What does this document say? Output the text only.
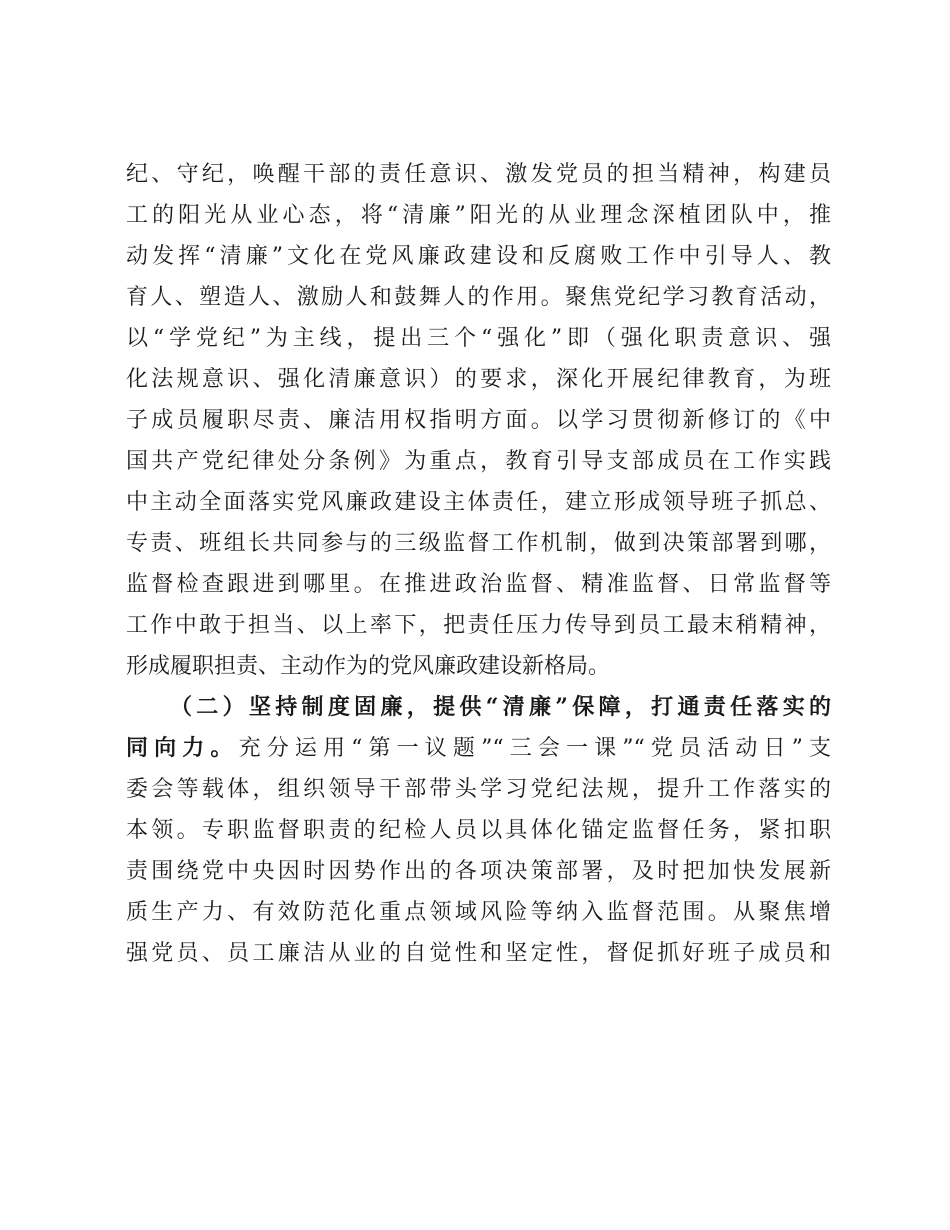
纪、守纪，唤醒干部的责任意识、激发党员的担当精神，构建员
工的阳光从业心态，将“清廉”阳光的从业理念深植团队中，推
动发挥“清廉”文化在党风廉政建设和反腐败工作中引导人、教
育人、塑造人、激励人和鼓舞人的作用。聚焦党纪学习教育活动，
以“学党纪”为主线，提出三个“强化”即（强化职责意识、强
化法规意识、强化清廉意识）的要求，深化开展纪律教育，为班
子成员履职尽责、廉洁用权指明方面。以学习贯彻新修订的《中
国共产党纪律处分条例》为重点，教育引导支部成员在工作实践
中主动全面落实党风廉政建设主体责任，建立形成领导班子抓总、
专责、班组长共同参与的三级监督工作机制，做到决策部署到哪，
监督检查跟进到哪里。在推进政治监督、精准监督、日常监督等
工作中敢于担当、以上率下，把责任压力传导到员工最末稍精神，
形成履职担责、主动作为的党风廉政建设新格局。
（二）坚持制度固廉，提供“清廉”保障，打通责任落实的
同向力。充分运用“第一议题”“三会一课”“党员活动日”支
委会等载体，组织领导干部带头学习党纪法规，提升工作落实的
本领。专职监督职责的纪检人员以具体化锚定监督任务，紧扣职
责围绕党中央因时因势作出的各项决策部署，及时把加快发展新
质生产力、有效防范化重点领域风险等纳入监督范围。从聚焦增
强党员、员工廉洁从业的自觉性和坚定性，督促抓好班子成员和
